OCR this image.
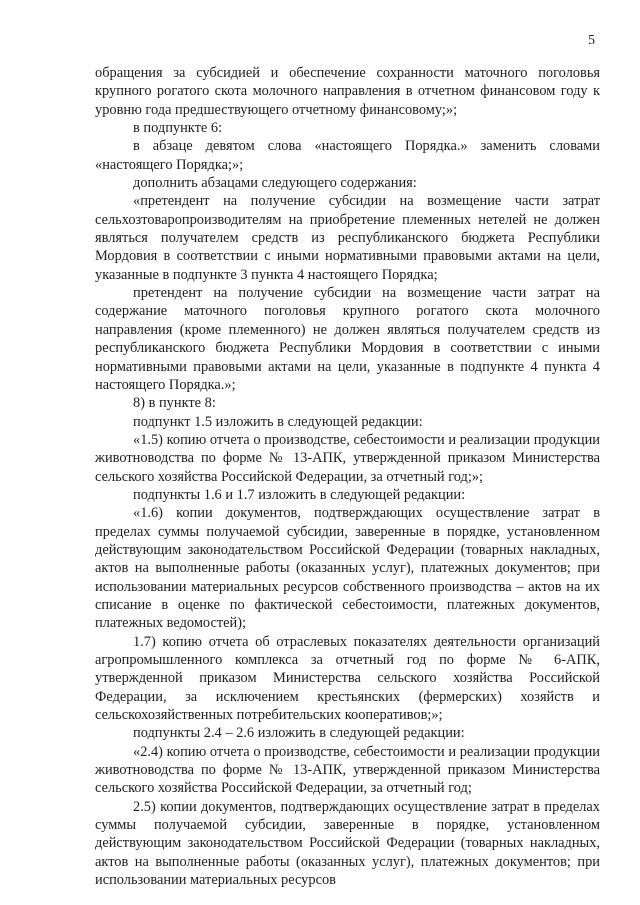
5

обращения за субсидией и обеспечение сохранности маточного поголовья крупного рогатого скота молочного направления в отчетном финансовом году к уровню года предшествующего отчетному финансовому;»;

в подпункте 6:

в абзаце девятом слова «настоящего Порядка.» заменить словами «настоящего Порядка;»;

дополнить абзацами следующего содержания:

«претендент на получение субсидии на возмещение части затрат сельхозтоваропроизводителям на приобретение племенных нетелей не должен являться получателем средств из республиканского бюджета Республики Мордовия в соответствии с иными нормативными правовыми актами на цели, указанные в подпункте 3 пункта 4 настоящего Порядка;

претендент на получение субсидии на возмещение части затрат на содержание маточного поголовья крупного рогатого скота молочного направления (кроме племенного) не должен являться получателем средств из республиканского бюджета Республики Мордовия в соответствии с иными нормативными правовыми актами на цели, указанные в подпункте 4 пункта 4 настоящего Порядка.»;

8) в пункте 8:

подпункт 1.5 изложить в следующей редакции:

«1.5) копию отчета о производстве, себестоимости и реализации продукции животноводства по форме № 13-АПК, утвержденной приказом Министерства сельского хозяйства Российской Федерации, за отчетный год;»;

подпункты 1.6 и 1.7 изложить в следующей редакции:

«1.6) копии документов, подтверждающих осуществление затрат в пределах суммы получаемой субсидии, заверенные в порядке, установленном действующим законодательством Российской Федерации (товарных накладных, актов на выполненные работы (оказанных услуг), платежных документов; при использовании материальных ресурсов собственного производства – актов на их списание в оценке по фактической себестоимости, платежных документов, платежных ведомостей);

1.7) копию отчета об отраслевых показателях деятельности организаций агропромышленного комплекса за отчетный год по форме № 6-АПК, утвержденной приказом Министерства сельского хозяйства Российской Федерации, за исключением крестьянских (фермерских) хозяйств и сельскохозяйственных потребительских кооперативов;»;

подпункты 2.4 – 2.6 изложить в следующей редакции:

«2.4) копию отчета о производстве, себестоимости и реализации продукции животноводства по форме № 13-АПК, утвержденной приказом Министерства сельского хозяйства Российской Федерации, за отчетный год;

2.5) копии документов, подтверждающих осуществление затрат в пределах суммы получаемой субсидии, заверенные в порядке, установленном действующим законодательством Российской Федерации (товарных накладных, актов на выполненные работы (оказанных услуг), платежных документов; при использовании материальных ресурсов
